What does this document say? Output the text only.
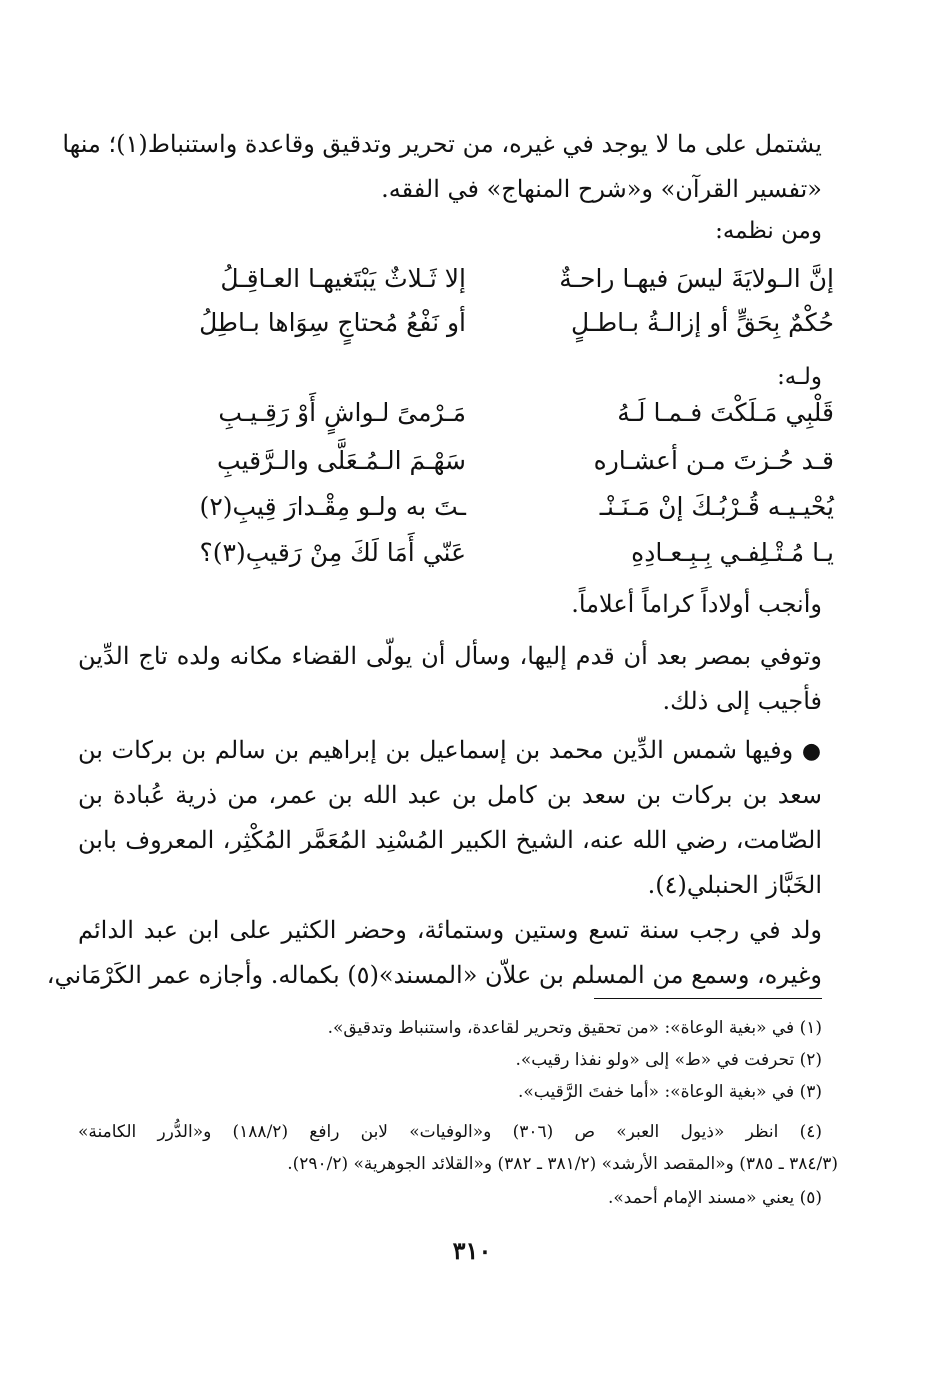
يشتمل على ما لا يوجد في غيره، من تحرير وتدقيق وقاعدة واستنباط(١)؛ منها
«تفسير القرآن» و«شرح المنهاج» في الفقه.
ومن نظمه:
إنَّ الـولايَةَ ليسَ فيهـا راحـةٌ
إلا ثَـلاثٌ يَبْتَغيهـا العـاقِـلُ
حُكْمٌ بِحَقٍّ أو إزالـةُ بـاطـلٍ
أو نَفْعُ مُحتاجٍ سِوَاها بـاطِلُ
ولـه:
قَلْبِي مَـلَكْتَ فـمـا لَـهُ
مَـرْمىً لـواشٍ أَوْ رَقِـيـبِ
قـد حُـزتَ مـن أعشـاره
سَهْـمَ الـمُـعَلَّى والـرَّقيبِ
يُحْيـيـه قُـرْبُـكَ إنْ مَـنَـنْـ
ـتَ به ولـو مِقْـدارَ قِيبِ(٢)
يـا مُـتْـلِفـي بِـبِـعـادِهِ
عَنّي أَمَا لَكَ مِنْ رَقيبِ(٣)؟
وأنجب أولاداً كراماً أعلاماً.
وتوفي بمصر بعد أن قدم إليها، وسأل أن يولّى القضاء مكانه ولده تاج الدِّين
فأجيب إلى ذلك.
● وفيها شمس الدِّين محمد بن إسماعيل بن إبراهيم بن سالم بن بركات بن
سعد بن بركات بن سعد بن كامل بن عبد الله بن عمر، من ذرية عُبادة بن
الصّامت، رضي الله عنه، الشيخ الكبير المُسْنِد المُعَمَّر المُكْثِر، المعروف بابن
الخَبَّاز الحنبلي(٤).
ولد في رجب سنة تسع وستين وستمائة، وحضر الكثير على ابن عبد الدائم
وغيره، وسمع من المسلم بن علاّن «المسند»(٥) بكماله. وأجازه عمر الكَرْمَاني،
(١) في «بغية الوعاة»: «من تحقيق وتحرير لقاعدة، واستنباط وتدقيق».
(٢) تحرفت في «ط» إلى «ولو نفذا رقيب».
(٣) في «بغية الوعاة»: «أما خفتَ الرَّقيب».
(٤) انظر «ذيول العبر» ص (٣٠٦) و«الوفيات» لابن رافع (١٨٨/٢) و«الدُّرر الكامنة»
(٣٨٤/٣ ـ ٣٨٥) و«المقصد الأرشد» (٣٨١/٢ ـ ٣٨٢) و«القلائد الجوهرية» (٢٩٠/٢).
(٥) يعني «مسند الإمام أحمد».
٣١٠
